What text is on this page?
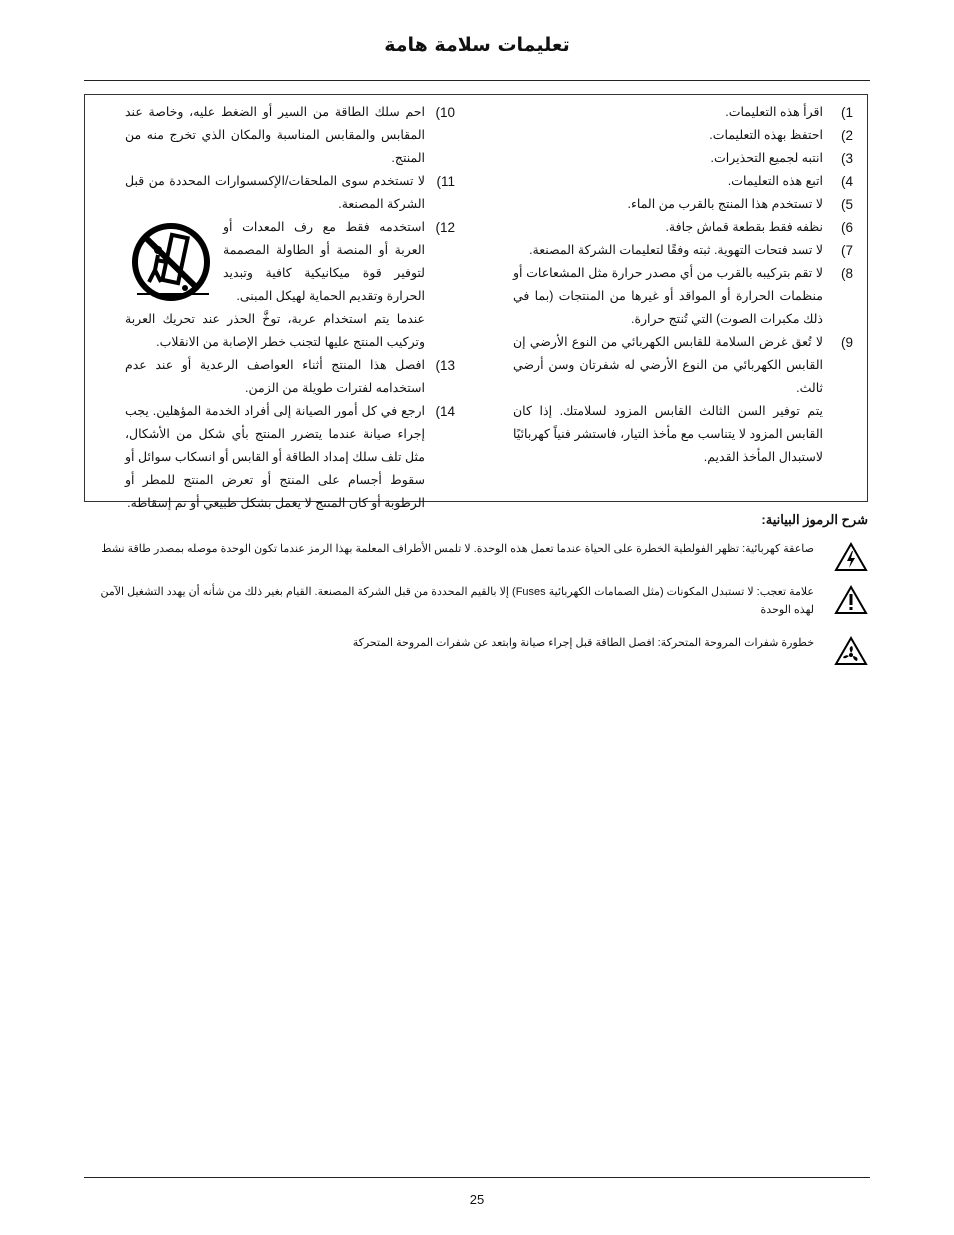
تعليمات سلامة هامة
1)
اقرأ هذه التعليمات.
2)
احتفظ بهذه التعليمات.
3)
انتبه لجميع التحذيرات.
4)
اتبع هذه التعليمات.
5)
لا تستخدم هذا المنتج بالقرب من الماء.
6)
نظفه فقط بقطعة قماش جافة.
7)
لا تسد فتحات التهوية. ثبته وفقًا لتعليمات الشركة المصنعة.
8)
لا تقم بتركيبه بالقرب من أي مصدر حرارة مثل المشعاعات أو منظمات الحرارة أو المواقد أو غيرها من المنتجات (بما في ذلك مكبرات الصوت) التي تُنتج حرارة.
9)
لا تُعق غرض السلامة للقابس الكهربائي من النوع الأرضي إن القابس الكهربائي من النوع الأرضي له شفرتان وسن أرضي ثالث.
يتم توفير السن الثالث القابس المزود لسلامتك. إذا كان القابس المزود لا يتناسب مع مأخذ التيار، فاستشر فنياً كهربائيًا لاستبدال المأخذ القديم.
10)
احم سلك الطاقة من السير أو الضغط عليه، وخاصة عند المقابس والمقابس المناسبة والمكان الذي تخرج منه من المنتج.
11)
لا تستخدم سوى الملحقات/الإكسسوارات المحددة من قبل الشركة المصنعة.
12)
استخدمه فقط مع رف المعدات أو العربة أو المنصة أو الطاولة المصممة لتوفير قوة ميكانيكية كافية وتبديد الحرارة وتقديم الحماية لهيكل المبنى.
عندما يتم استخدام عربة، توخَّ الحذر عند تحريك العربة وتركيب المنتج عليها لتجنب خطر الإصابة من الانقلاب.
13)
افصل هذا المنتج أثناء العواصف الرعدية أو عند عدم استخدامه لفترات طويلة من الزمن.
14)
ارجع في كل أمور الصيانة إلى أفراد الخدمة المؤهلين. يجب إجراء صيانة عندما يتضرر المنتج بأي شكل من الأشكال، مثل تلف سلك إمداد الطاقة أو القابس أو انسكاب سوائل أو سقوط أجسام على المنتج أو تعرض المنتج للمطر أو الرطوبة أو كان المنتج لا يعمل بشكل طبيعي أو تم إسقاطه.
شرح الرموز البيانية:
صاعقة كهربائية: تظهر الفولطية الخطرة على الحياة عندما تعمل هذه الوحدة. لا تلمس الأطراف المعلمة بهذا الرمز عندما تكون الوحدة موصله بمصدر طاقة نشط
علامة تعجب: لا تستبدل المكونات (مثل الصمامات الكهربائية Fuses) إلا بالقيم المحددة من قبل الشركة المصنعة. القيام بغير ذلك من شأنه أن يهدد التشغيل الآمن لهذه الوحدة
خطورة شفرات المروحة المتحركة: افصل الطاقة قبل إجراء صيانة وابتعد عن شفرات المروحة المتحركة
25
